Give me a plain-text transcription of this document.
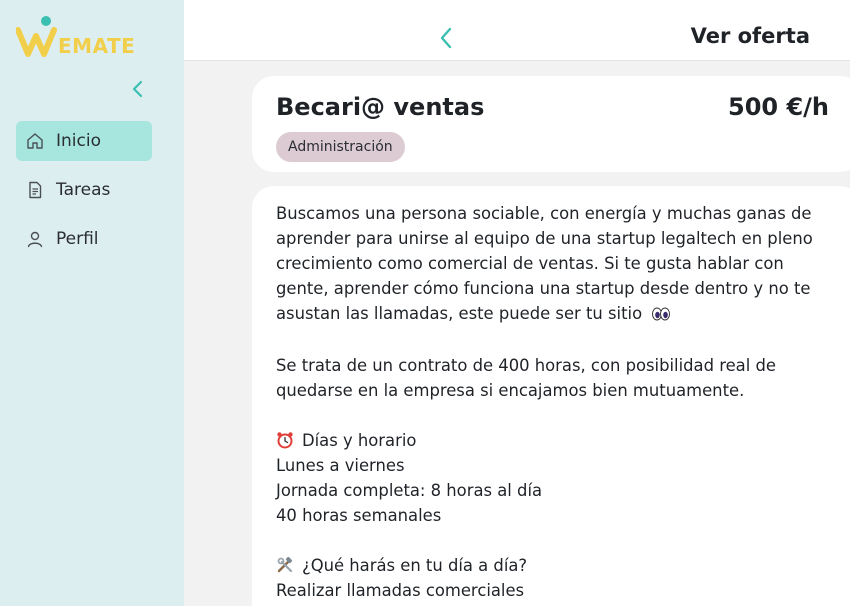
EMATE
Inicio
Tareas
Perfil
Ver oferta
Becari@ ventas	500 €/h
Administración

Buscamos una persona sociable, con energía y muchas ganas de aprender para unirse al equipo de una startup legaltech en pleno crecimiento como comercial de ventas. Si te gusta hablar con gente, aprender cómo funciona una startup desde dentro y no te asustan las llamadas, este puede ser tu sitio

Se trata de un contrato de 400 horas, con posibilidad real de quedarse en la empresa si encajamos bien mutuamente.

Días y horario

Lunes a viernes

Jornada completa: 8 horas al día

40 horas semanales

¿Qué harás en tu día a día?

Realizar llamadas comerciales
